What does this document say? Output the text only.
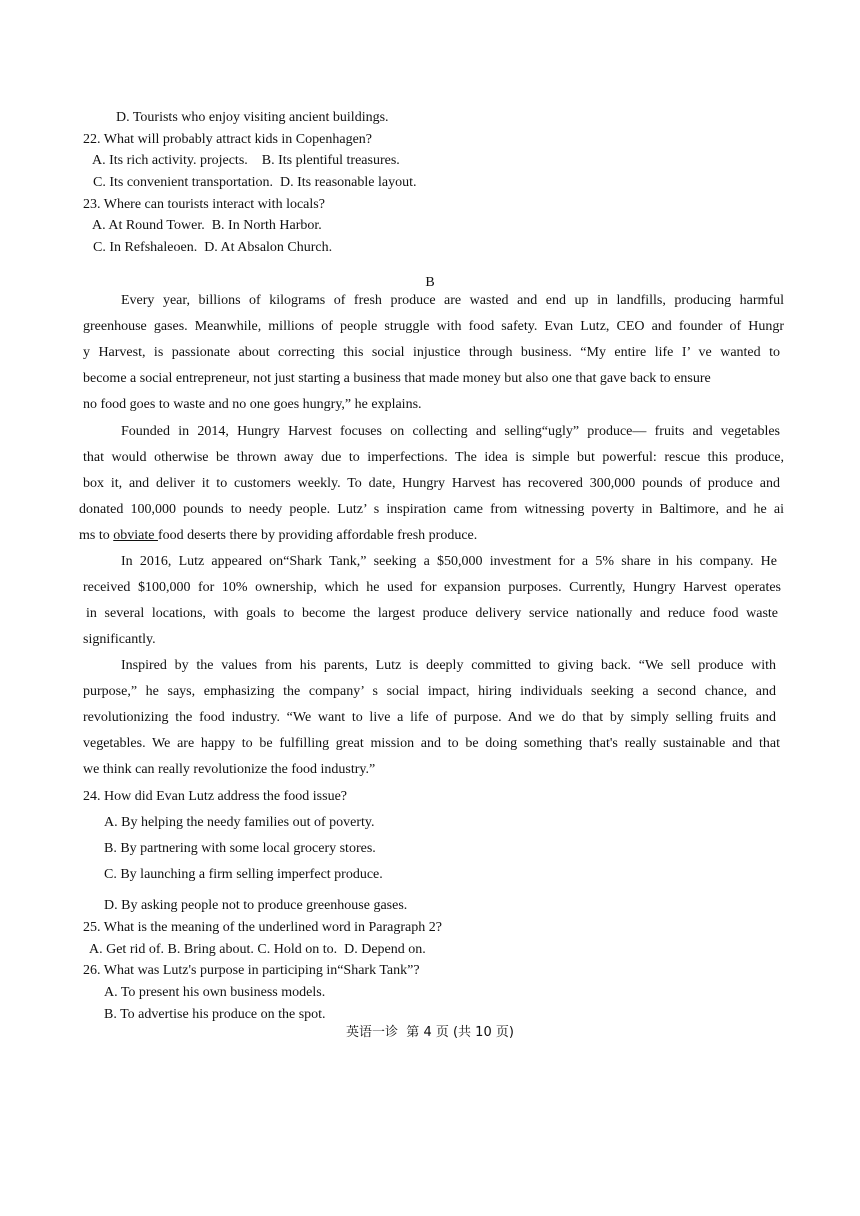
D. Tourists who enjoy visiting ancient buildings.
22. What will probably attract kids in Copenhagen?
A. Its rich activity. projects.    B. Its plentiful treasures.
C. Its convenient transportation.  D. Its reasonable layout.
23. Where can tourists interact with locals?
A. At Round Tower.  B. In North Harbor.
C. In Refshaleoen.  D. At Absalon Church.
B
Every year, billions of kilograms of fresh produce are wasted and end up in landfills, producing harmful
greenhouse gases. Meanwhile, millions of people struggle with food safety. Evan Lutz, CEO and founder of Hungr
y Harvest, is passionate about correcting this social injustice through business. “My entire life I’ ve wanted to
become a social entrepreneur, not just starting a business that made money but also one that gave back to ensure
no food goes to waste and no one goes hungry,” he explains.
Founded in 2014, Hungry Harvest focuses on collecting and selling“ugly” produce— fruits and vegetables
that would otherwise be thrown away due to imperfections. The idea is simple but powerful: rescue this produce,
box it, and deliver it to customers weekly. To date, Hungry Harvest has recovered 300,000 pounds of produce and
donated 100,000 pounds to needy people. Lutz’ s inspiration came from witnessing poverty in Baltimore, and he ai
ms to obviate food deserts there by providing affordable fresh produce.
In 2016, Lutz appeared on“Shark Tank,” seeking a $50,000 investment for a 5% share in his company. He
received $100,000 for 10% ownership, which he used for expansion purposes. Currently, Hungry Harvest operates
in several locations, with goals to become the largest produce delivery service nationally and reduce food waste
significantly.
Inspired by the values from his parents, Lutz is deeply committed to giving back. “We sell produce with
purpose,” he says, emphasizing the company’ s social impact, hiring individuals seeking a second chance, and
revolutionizing the food industry. “We want to live a life of purpose. And we do that by simply selling fruits and
vegetables. We are happy to be fulfilling great mission and to be doing something that's really sustainable and that
we think can really revolutionize the food industry.”
24. How did Evan Lutz address the food issue?
A. By helping the needy families out of poverty.
B. By partnering with some local grocery stores.
C. By launching a firm selling imperfect produce.
D. By asking people not to produce greenhouse gases.
25. What is the meaning of the underlined word in Paragraph 2?
A. Get rid of. B. Bring about. C. Hold on to.  D. Depend on.
26. What was Lutz's purpose in participing in“Shark Tank”?
A. To present his own business models.
B. To advertise his produce on the spot.
英语一诊  第 4 页 (共 10 页)
